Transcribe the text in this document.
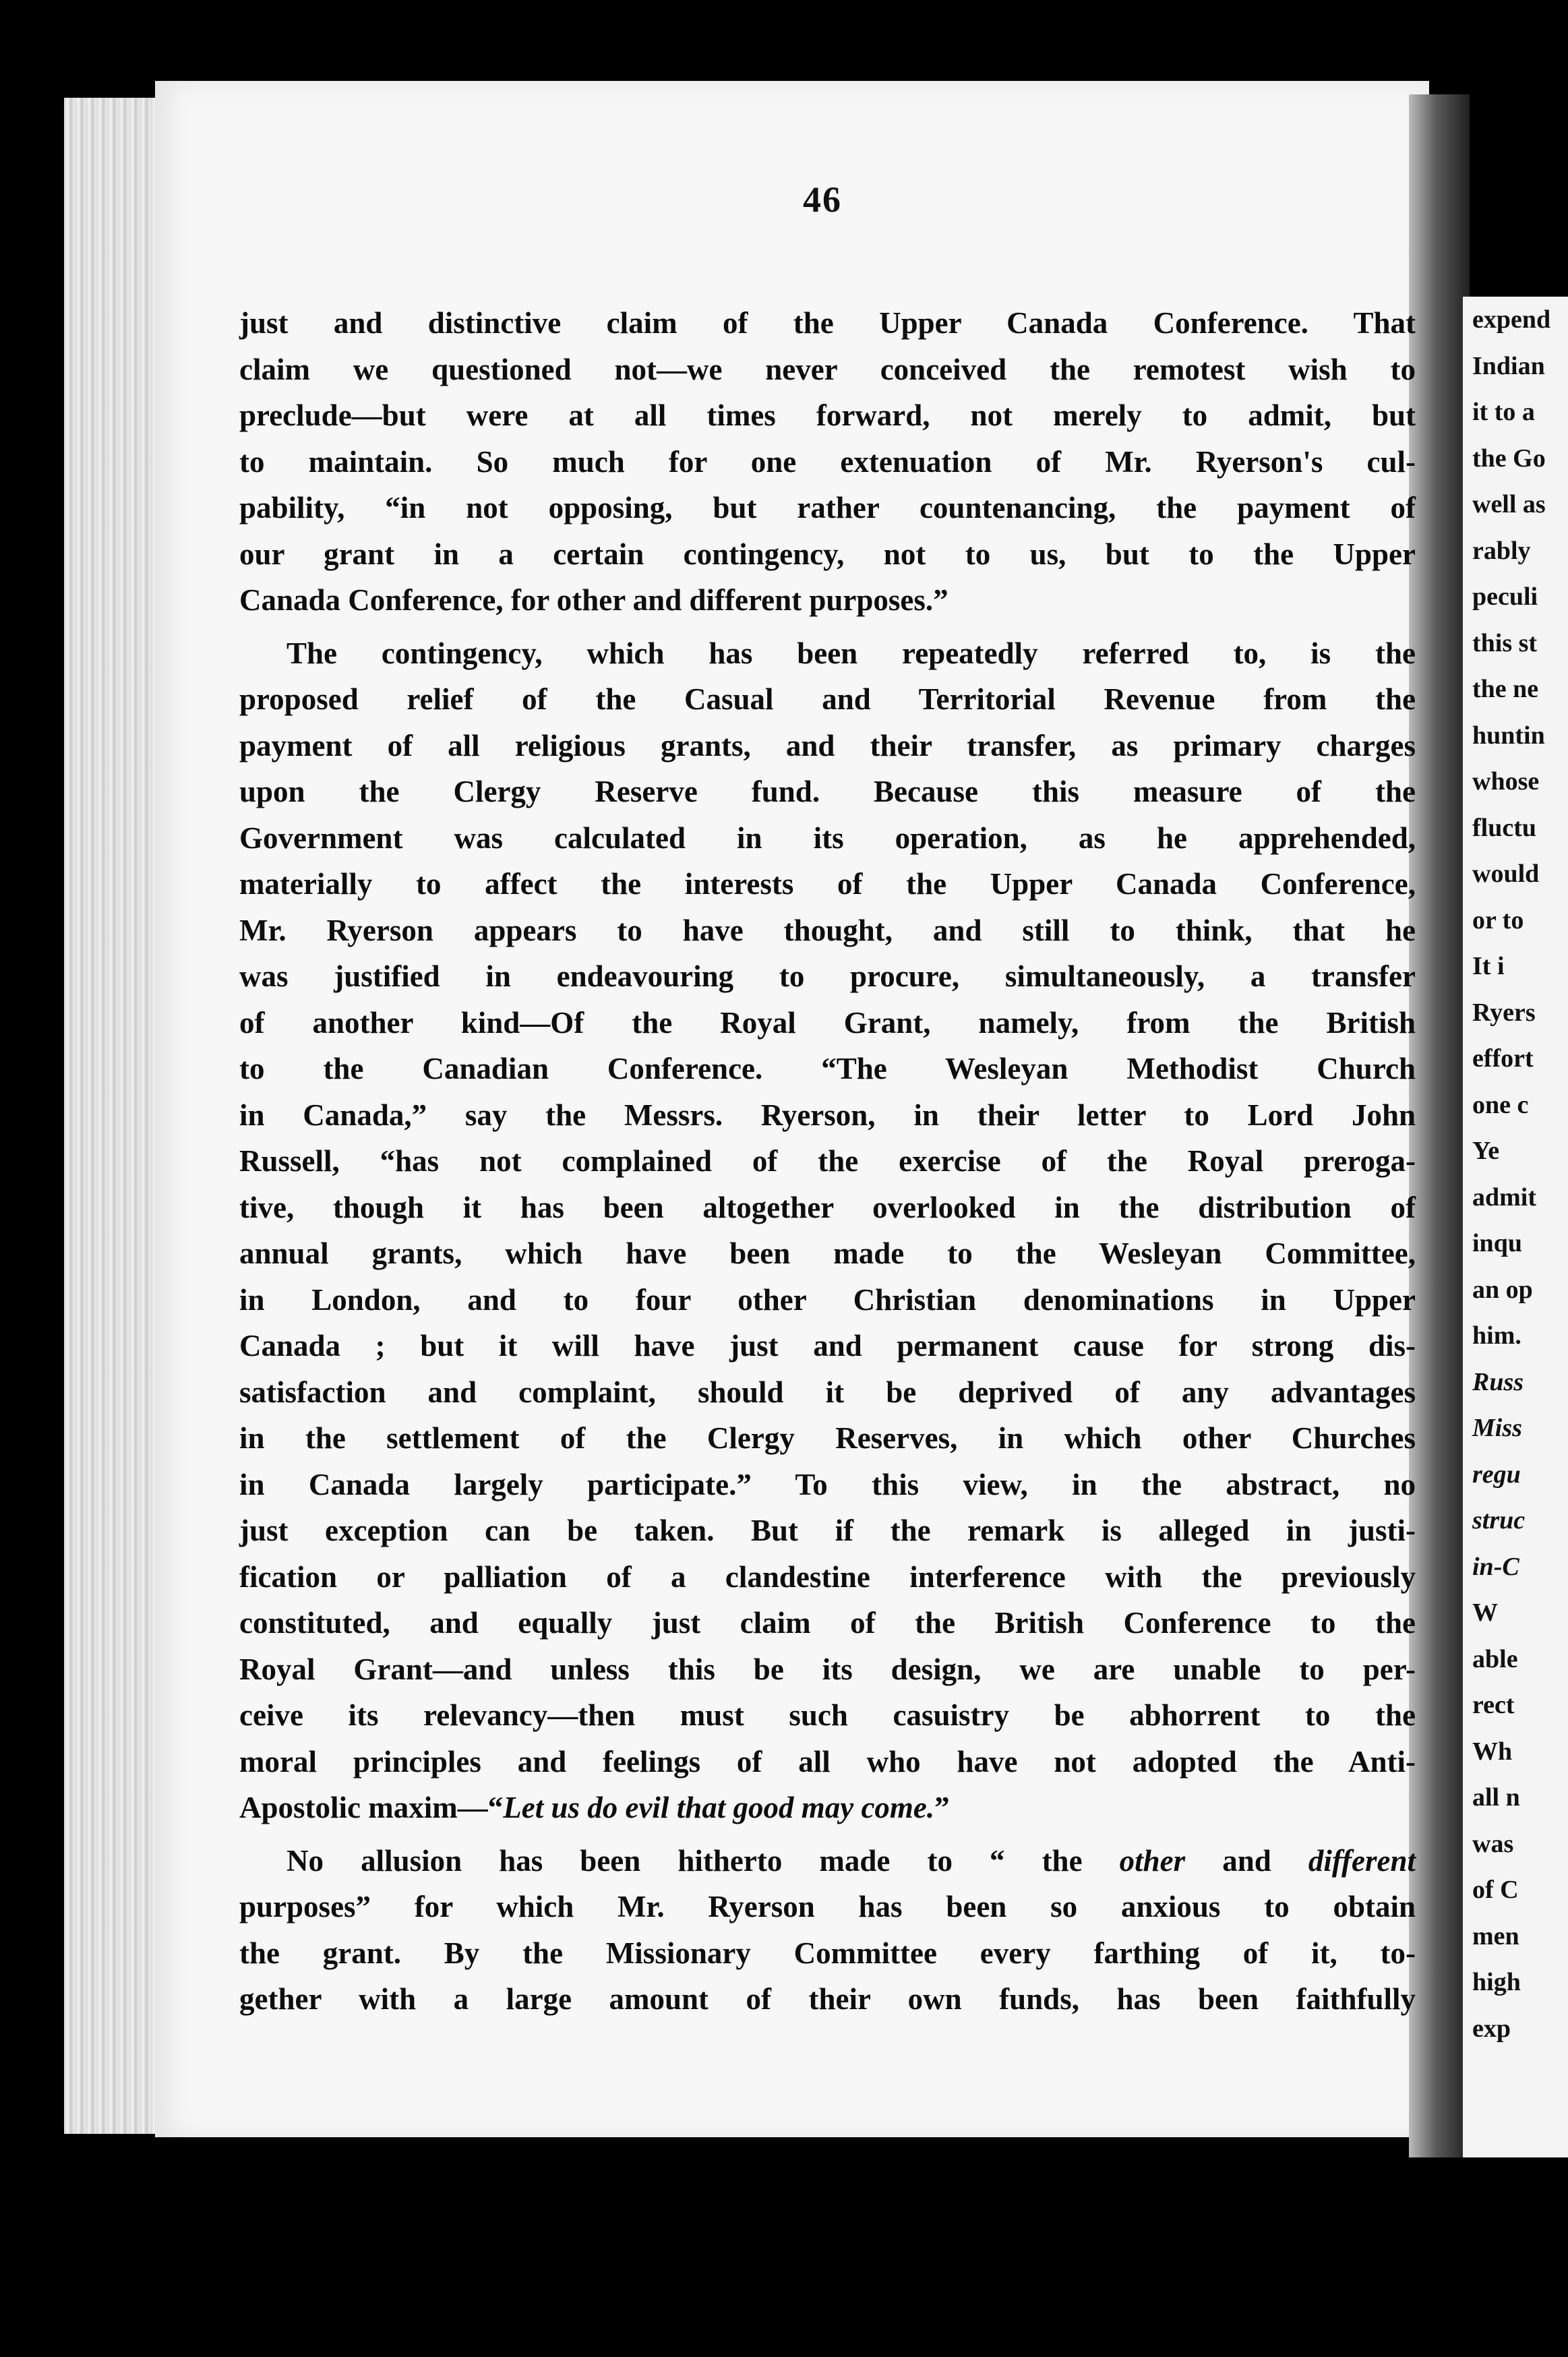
expend
Indian
it to a
the Go
well as
rably
peculi
this st
the ne
huntin
whose
fluctu
would
or to
It i
Ryers
effort
one c
Ye
admit
inqu
an op
him.
Russ
Miss
regu
struc
in-C
W
able
rect
Wh
all n
was
of C
men
high
exp
46
just and distinctive claim of the Upper Canada Conference. That
claim we questioned not—we never conceived the remotest wish to
preclude—but were at all times forward, not merely to admit, but
to maintain. So much for one extenuation of Mr. Ryerson's cul-
pability, “in not opposing, but rather countenancing, the payment of
our grant in a certain contingency, not to us, but to the Upper
Canada Conference, for other and different purposes.”
The contingency, which has been repeatedly referred to, is the
proposed relief of the Casual and Territorial Revenue from the
payment of all religious grants, and their transfer, as primary charges
upon the Clergy Reserve fund. Because this measure of the
Government was calculated in its operation, as he apprehended,
materially to affect the interests of the Upper Canada Conference,
Mr. Ryerson appears to have thought, and still to think, that he
was justified in endeavouring to procure, simultaneously, a transfer
of another kind—Of the Royal Grant, namely, from the British
to the Canadian Conference. “The Wesleyan Methodist Church
in Canada,” say the Messrs. Ryerson, in their letter to Lord John
Russell, “has not complained of the exercise of the Royal preroga-
tive, though it has been altogether overlooked in the distribution of
annual grants, which have been made to the Wesleyan Committee,
in London, and to four other Christian denominations in Upper
Canada ; but it will have just and permanent cause for strong dis-
satisfaction and complaint, should it be deprived of any advantages
in the settlement of the Clergy Reserves, in which other Churches
in Canada largely participate.” To this view, in the abstract, no
just exception can be taken. But if the remark is alleged in justi-
fication or palliation of a clandestine interference with the previously
constituted, and equally just claim of the British Conference to the
Royal Grant—and unless this be its design, we are unable to per-
ceive its relevancy—then must such casuistry be abhorrent to the
moral principles and feelings of all who have not adopted the Anti-
Apostolic maxim—“Let us do evil that good may come.”
No allusion has been hitherto made to “ the other and different
purposes” for which Mr. Ryerson has been so anxious to obtain
the grant. By the Missionary Committee every farthing of it, to-
gether with a large amount of their own funds, has been faithfully
